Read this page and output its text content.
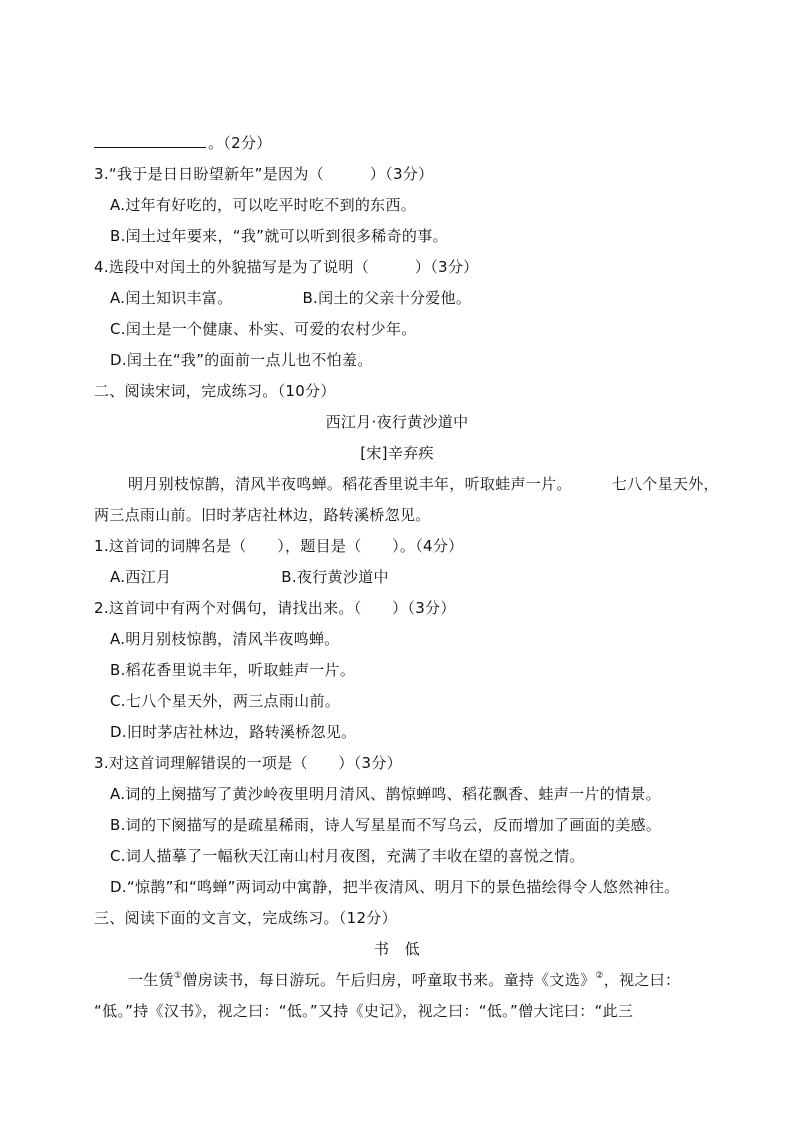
。（2分）
3.“我于是日日盼望新年”是因为（　　　）（3分）
A.过年有好吃的，可以吃平时吃不到的东西。
B.闰土过年要来，“我”就可以听到很多稀奇的事。
4.选段中对闰土的外貌描写是为了说明（　　　）（3分）
A.闰土知识丰富。	B.闰土的父亲十分爱他。
C.闰土是一个健康、朴实、可爱的农村少年。
D.闰土在“我”的面前一点儿也不怕羞。
二、阅读宋词，完成练习。（10分）
西江月·夜行黄沙道中
[宋]辛弃疾
明月别枝惊鹊，清风半夜鸣蝉。稻花香里说丰年，听取蛙声一片。	七八个星天外，
两三点雨山前。旧时茅店社林边，路转溪桥忽见。
1.这首词的词牌名是（　　），题目是（　　）。（4分）
A.西江月	B.夜行黄沙道中
2.这首词中有两个对偶句，请找出来。（　　）（3分）
A.明月别枝惊鹊，清风半夜鸣蝉。
B.稻花香里说丰年，听取蛙声一片。
C.七八个星天外，两三点雨山前。
D.旧时茅店社林边，路转溪桥忽见。
3.对这首词理解错误的一项是（　　）（3分）
A.词的上阕描写了黄沙岭夜里明月清风、鹊惊蝉鸣、稻花飘香、蛙声一片的情景。
B.词的下阕描写的是疏星稀雨，诗人写星星而不写乌云，反而增加了画面的美感。
C.词人描摹了一幅秋天江南山村月夜图，充满了丰收在望的喜悦之情。
D.“惊鹊”和“鸣蝉”两词动中寓静，把半夜清风、明月下的景色描绘得令人悠然神往。
三、阅读下面的文言文，完成练习。（12分）
书　低
一生赁①僧房读书，每日游玩。午后归房，呼童取书来。童持《文选》②，视之曰：
“低。”持《汉书》，视之曰：“低。”又持《史记》，视之曰：“低。”僧大诧曰：“此三
